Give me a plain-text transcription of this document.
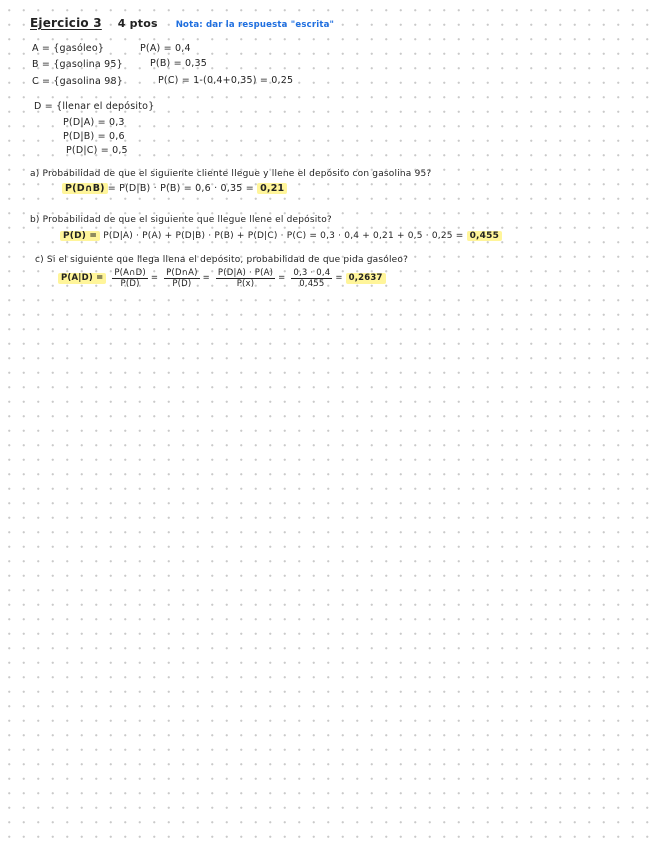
Ejercicio 3 4 ptos Nota: dar la respuesta "escrita"
A = {gasóleo}	P(A) = 0,4
B = {gasolina 95}	P(B) = 0,35
C = {gasolina 98}	P(C) = 1-(0,4+0,35) = 0,25
D = {llenar el depósito}
P(D|A) = 0,3
P(D|B) = 0,6
P(D|C) = 0,5
a) Probabilidad de que el siguiente cliente llegue y llene el depósito con gasolina 95?
P(D∩B) = P(D|B) · P(B) = 0,6 · 0,35 = 0,21
b) Probabilidad de que el siguiente que llegue llene el depósito?
P(D) = P(D|A) · P(A) + P(D|B) · P(B) + P(D|C) · P(C) = 0,3 · 0,4 + 0,21 + 0,5 · 0,25 = 0,455
c) Si el siguiente que llega llena el depósito, probabilidad de que pida gasóleo?
$P(A|D) = \frac{P(A\cap D)}{P(D)} = \frac{P(D\cap A)}{P(D)} = \frac{P(D|A) \cdot P(A)}{P(x)} = \frac{0,3 \cdot 0,4}{0,455} = 0,2637$
